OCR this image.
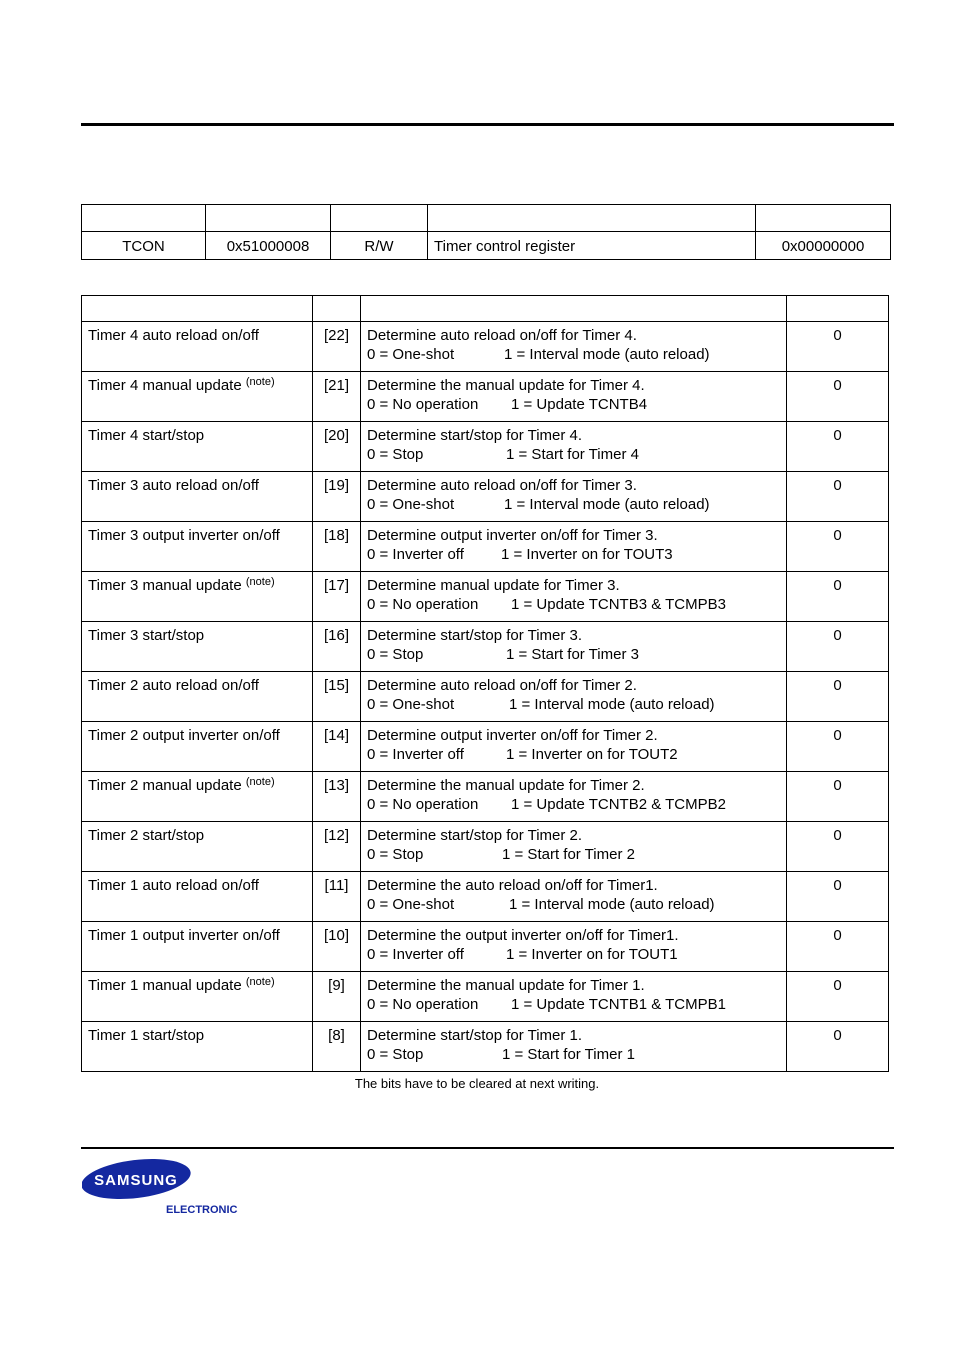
TCON	0x51000008	R/W	Timer control register	0x00000000

Timer 4 auto reload on/off	[22]	Determine auto reload on/off for Timer 4.
0 = One-shot 1 = Interval mode (auto reload)	0
Timer 4 manual update $^{(note)}$	[21]	Determine the manual update for Timer 4.
0 = No operation 1 = Update TCNTB4	0
Timer 4 start/stop	[20]	Determine start/stop for Timer 4.
0 = Stop 1 = Start for Timer 4	0
Timer 3 auto reload on/off	[19]	Determine auto reload on/off for Timer 3.
0 = One-shot 1 = Interval mode (auto reload)	0
Timer 3 output inverter on/off	[18]	Determine output inverter on/off for Timer 3.
0 = Inverter off 1 = Inverter on for TOUT3	0
Timer 3 manual update $^{(note)}$	[17]	Determine manual update for Timer 3.
0 = No operation 1 = Update TCNTB3 & TCMPB3	0
Timer 3 start/stop	[16]	Determine start/stop for Timer 3.
0 = Stop 1 = Start for Timer 3	0
Timer 2 auto reload on/off	[15]	Determine auto reload on/off for Timer 2.
0 = One-shot 1 = Interval mode (auto reload)	0
Timer 2 output inverter on/off	[14]	Determine output inverter on/off for Timer 2.
0 = Inverter off 1 = Inverter on for TOUT2	0
Timer 2 manual update $^{(note)}$	[13]	Determine the manual update for Timer 2.
0 = No operation 1 = Update TCNTB2 & TCMPB2	0
Timer 2 start/stop	[12]	Determine start/stop for Timer 2.
0 = Stop 1 = Start for Timer 2	0
Timer 1 auto reload on/off	[11]	Determine the auto reload on/off for Timer1.
0 = One-shot 1 = Interval mode (auto reload)	0
Timer 1 output inverter on/off	[10]	Determine the output inverter on/off for Timer1.
0 = Inverter off 1 = Inverter on for TOUT1	0
Timer 1 manual update $^{(note)}$	[9]	Determine the manual update for Timer 1.
0 = No operation 1 = Update TCNTB1 & TCMPB1	0
Timer 1 start/stop	[8]	Determine start/stop for Timer 1.
0 = Stop 1 = Start for Timer 1	0
The bits have to be cleared at next writing.
SAMSUNG
ELECTRONICS
